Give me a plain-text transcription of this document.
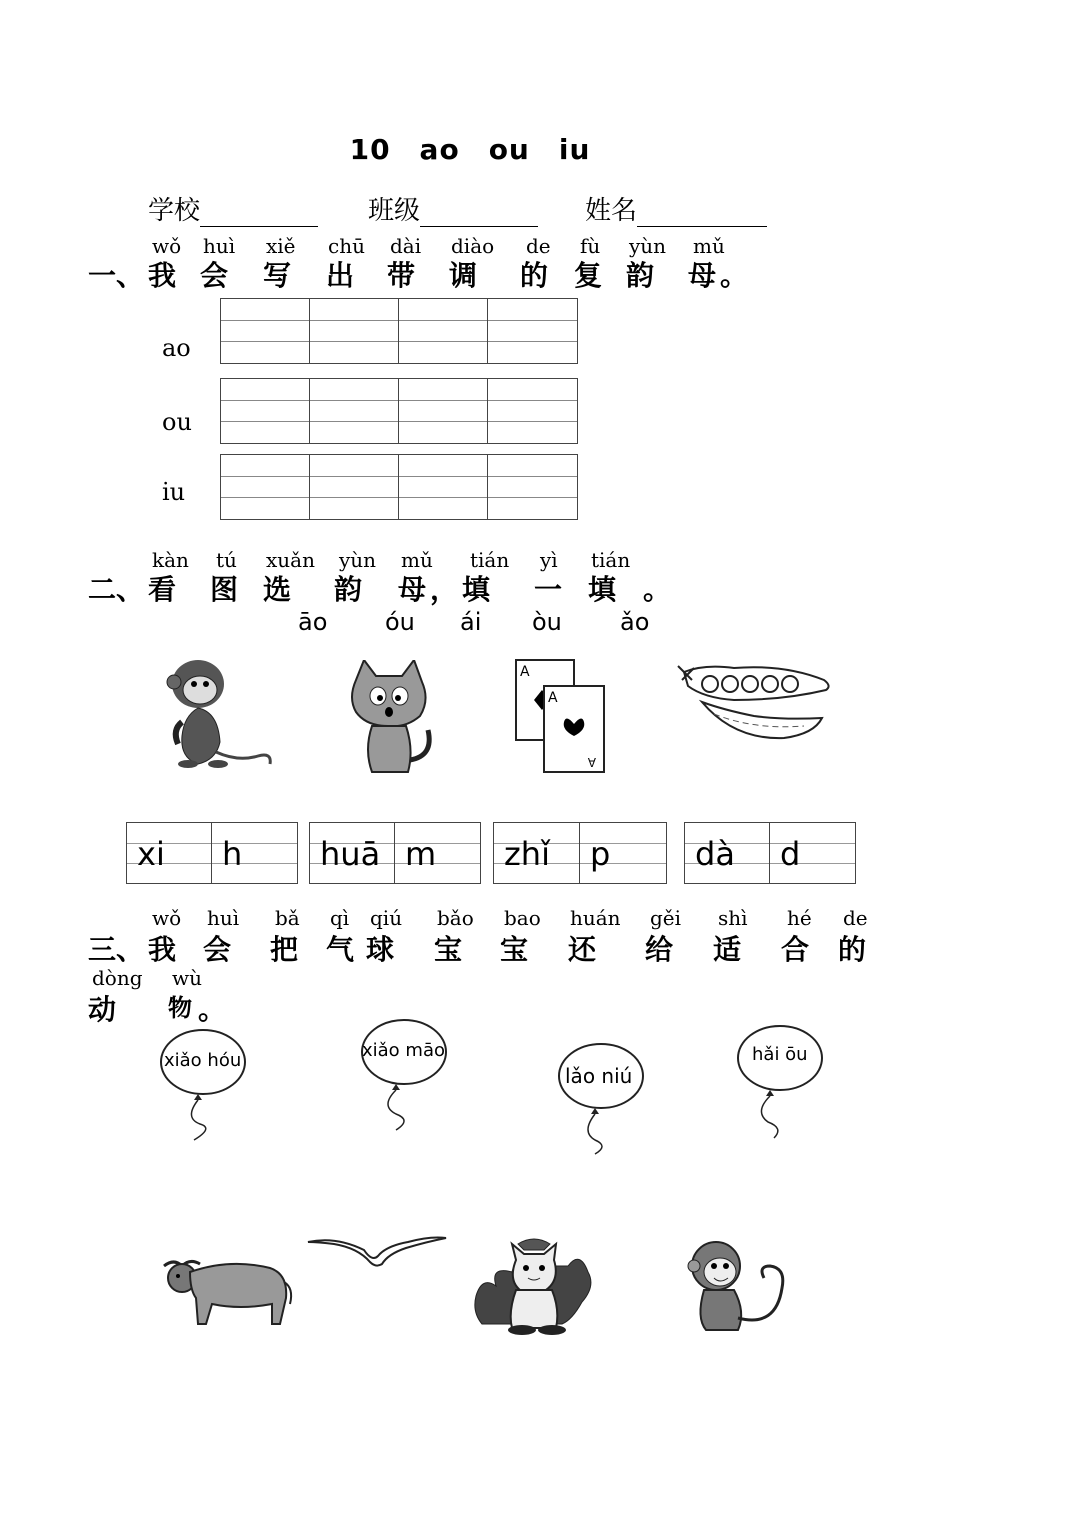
10　ao　ou　iu
学校	班级	姓名
wǒ huì xiě chū dài diào de fù yùn mǔ
一、 我 会 写 出 带 调 的 复 韵 母 。
ao
ou
iu
kàn tú xuǎn yùn mǔ tián yì tián
二、 看 图 选 韵 母 ， 填 一 填 。
āo óu ái òu ǎo
A
A
A
xi h huā m zhǐ p	dà d
wǒ huì bǎ qì qiú bǎo bao huán gěi shì hé de
三、 我 会 把 气 球 宝 宝 还 给 适 合 的
dòng wù
动 物 。
xiǎo hóu	xiǎo māo
lǎo niú
hǎi ōu
